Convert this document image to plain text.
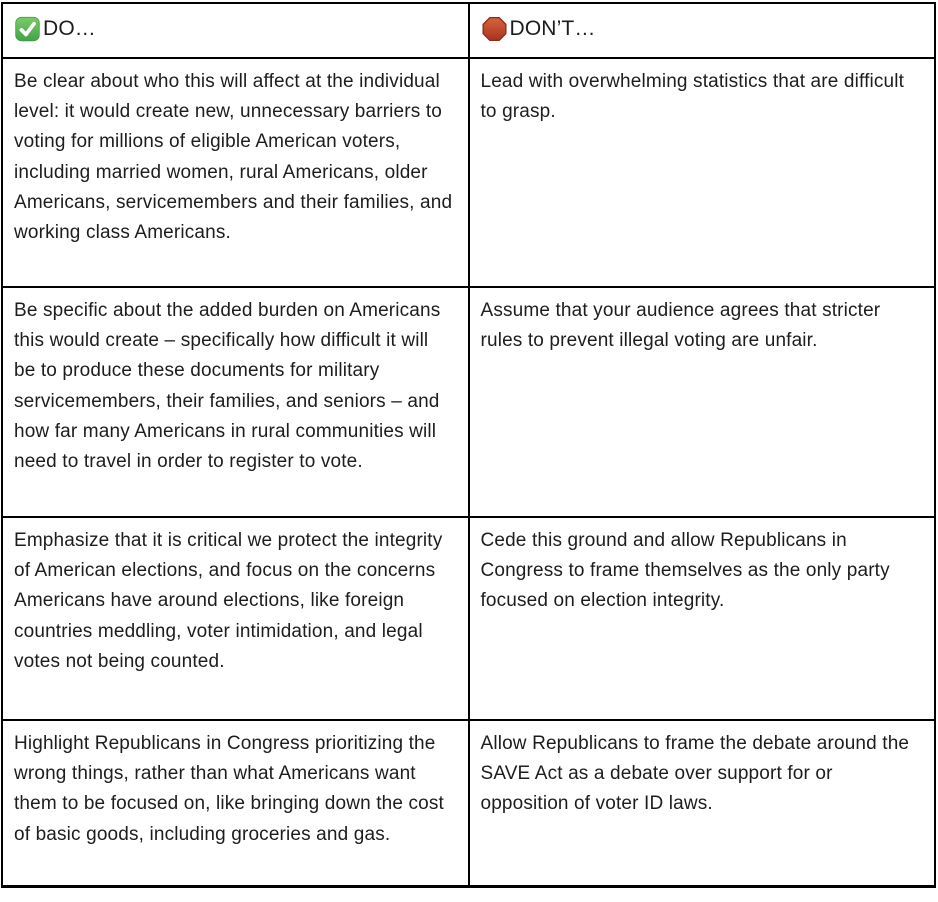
DO…	DON’T…

Be clear about who this will affect at the individual level: it would create new, unnecessary barriers to voting for millions of eligible American voters, including married women, rural Americans, older Americans, servicemembers and their families, and working class Americans.	Lead with overwhelming statistics that are difficult to grasp.

Be specific about the added burden on Americans this would create – specifically how difficult it will be to produce these documents for military servicemembers, their families, and seniors – and how far many Americans in rural communities will need to travel in order to register to vote.	Assume that your audience agrees that stricter rules to prevent illegal voting are unfair.

Emphasize that it is critical we protect the integrity of American elections, and focus on the concerns Americans have around elections, like foreign countries meddling, voter intimidation, and legal votes not being counted.	Cede this ground and allow Republicans in Congress to frame themselves as the only party focused on election integrity.

Highlight Republicans in Congress prioritizing the wrong things, rather than what Americans want them to be focused on, like bringing down the cost of basic goods, including groceries and gas.	Allow Republicans to frame the debate around the SAVE Act as a debate over support for or opposition of voter ID laws.
